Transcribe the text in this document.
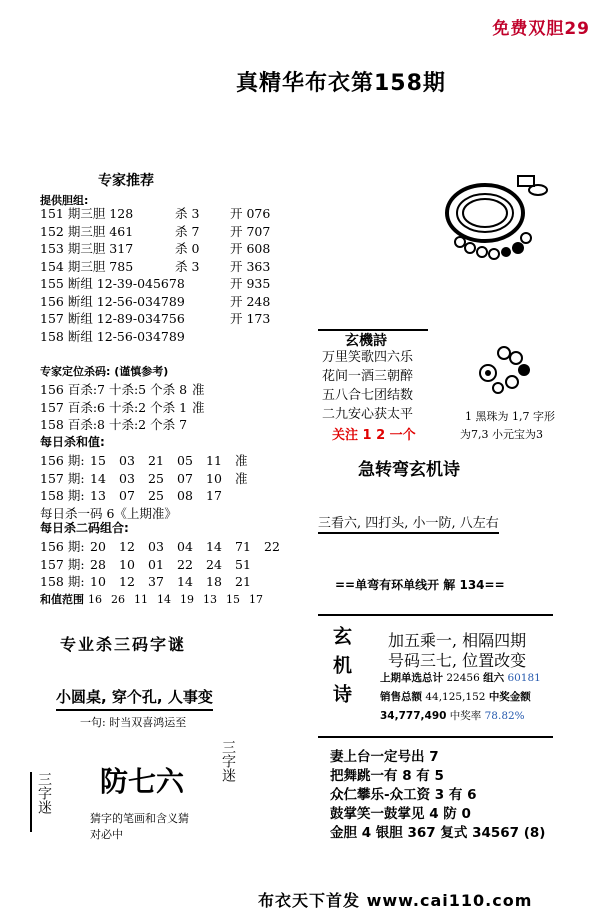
免费双胆29
真精华布衣第158期
专家推荐
提供胆组:
151 期三胆 128	杀 3	开 076
152 期三胆 461	杀 7	开 707
153 期三胆 317	杀 0	开 608
154 期三胆 785	杀 3	开 363
155 断组 12-39-045678	开 935
156 断组 12-56-034789	开 248
157 断组 12-89-034756	开 173
158 断组 12-56-034789
专家定位杀码: (谨慎参考)
156 百杀:7 十杀:5 个杀 8 准
157 百杀:6 十杀:2 个杀 1 准
158 百杀:8 十杀:2 个杀 7
每日杀和值:
156 期: 15	03	21	05	11	准
157 期: 14	03	25	07	10	准
158 期: 13	07	25	08	17
每日杀一码 6《上期准》
每日杀二码组合:
156 期: 20	12	03	04	14	71	22
157 期: 28	10	01	22	24	51
158 期: 10	12	37	14	18	21
和值范围 16 26 11 14 19 13 15 17
专业杀三码字谜
小圆桌, 穿个孔, 人事变
一句: 时当双喜鸿运至
三字迷
三字迷
防七六
猜字的笔画和含义猜
对必中
玄機詩
万里笑歌四六乐
花间一酒三朝醉
五八合七团结数
二九安心获太平
关注 1 2 一个
1 黑珠为 1,7 字形
为7,3 小元宝为3
急转弯玄机诗
三看六, 四打头, 小一防, 八左右
==单弯有环单线开 解 134==
玄机诗 加五乘一, 相隔四期
号码三七, 位置改变
上期单选总计 22456 组六 60181
销售总额 44,125,152 中奖金额
34,777,490 中奖率 78.82%
妻上台一定号出 7
把舞跳一有 8 有 5
众仁攀乐-众工资 3 有 6
鼓掌笑一鼓掌见 4 防 0
金胆 4 银胆 367 复式 34567 (8)
布衣天下首发 www.cai110.com
